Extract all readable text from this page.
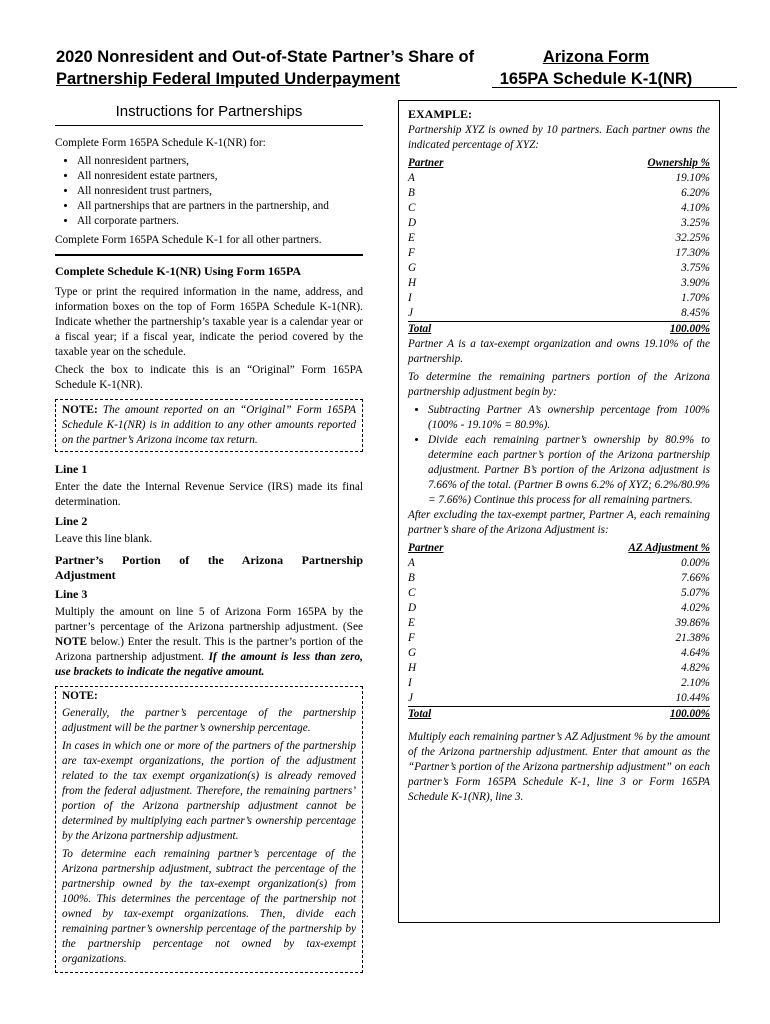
2020 Nonresident and Out-of-State Partner’s Share of
Partnership Federal Imputed Underpayment
Arizona Form
165PA Schedule K-1(NR)
Instructions for Partnerships

Complete Form 165PA Schedule K-1(NR) for:

• All nonresident partners,
• All nonresident estate partners,
• All nonresident trust partners,
• All partnerships that are partners in the partnership, and
• All corporate partners.

Complete Form 165PA Schedule K-1 for all other partners.

Complete Schedule K-1(NR) Using Form 165PA

Type or print the required information in the name, address, and information boxes on the top of Form 165PA Schedule K-1(NR). Indicate whether the partnership’s taxable year is a calendar year or a fiscal year; if a fiscal year, indicate the period covered by the taxable year on the schedule.

Check the box to indicate this is an “Original” Form 165PA Schedule K-1(NR).

NOTE: The amount reported on an “Original” Form 165PA Schedule K-1(NR) is in addition to any other amounts reported on the partner’s Arizona income tax return.
Line 1

Enter the date the Internal Revenue Service (IRS) made its final determination.

Line 2

Leave this line blank.

Partner’s Portion of the Arizona Partnership
Adjustment
Line 3

Multiply the amount on line 5 of Arizona Form 165PA by the partner’s percentage of the Arizona partnership adjustment. (See NOTE below.) Enter the result. This is the partner’s portion of the Arizona partnership adjustment. If the amount is less than zero, use brackets to indicate the negative amount.

NOTE:

Generally, the partner’s percentage of the partnership adjustment will be the partner’s ownership percentage.

In cases in which one or more of the partners of the partnership are tax-exempt organizations, the portion of the adjustment related to the tax exempt organization(s) is already removed from the federal adjustment. Therefore, the remaining partners’ portion of the Arizona partnership adjustment cannot be determined by multiplying each partner’s ownership percentage by the Arizona partnership adjustment.

To determine each remaining partner’s percentage of the Arizona partnership adjustment, subtract the percentage of the partnership owned by the tax-exempt organization(s) from 100%. This determines the percentage of the partnership not owned by tax-exempt organizations. Then, divide each remaining partner’s ownership percentage of the partnership by the partnership percentage not owned by tax-exempt organizations.

EXAMPLE:

Partnership XYZ is owned by 10 partners. Each partner owns the indicated percentage of XYZ:

Partner	Ownership %
A	19.10%
B	6.20%
C	4.10%
D	3.25%
E	32.25%
F	17.30%
G	3.75%
H	3.90%
I	1.70%
J	8.45%
Total	100.00%

Partner A is a tax-exempt organization and owns 19.10% of the partnership.

To determine the remaining partners portion of the Arizona partnership adjustment begin by:

• Subtracting Partner A’s ownership percentage from 100% (100% - 19.10% = 80.9%).
• Divide each remaining partner’s ownership by 80.9% to determine each partner’s portion of the Arizona partnership adjustment. Partner B’s portion of the Arizona adjustment is 7.66% of the total. (Partner B owns 6.2% of XYZ; 6.2%/80.9% = 7.66%) Continue this process for all remaining partners.

After excluding the tax-exempt partner, Partner A, each remaining partner’s share of the Arizona Adjustment is:

Partner	AZ Adjustment %
A	0.00%
B	7.66%
C	5.07%
D	4.02%
E	39.86%
F	21.38%
G	4.64%
H	4.82%
I	2.10%
J	10.44%
Total	100.00%

Multiply each remaining partner’s AZ Adjustment % by the amount of the Arizona partnership adjustment. Enter that amount as the “Partner’s portion of the Arizona partnership adjustment” on each partner’s Form 165PA Schedule K-1, line 3 or Form 165PA Schedule K-1(NR), line 3.
